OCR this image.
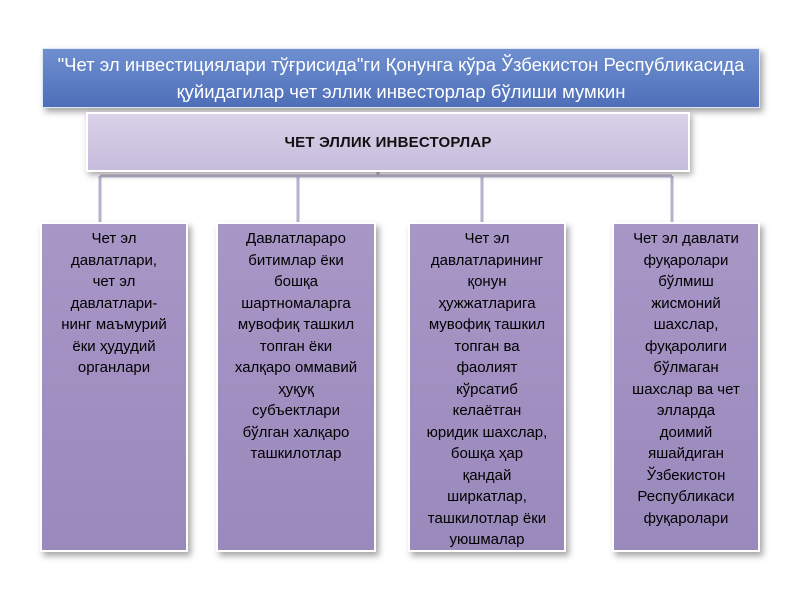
"Чет эл инвестициялари тўғрисида"ги Қонунга кўра Ўзбекистон Республикасида қуйидагилар чет эллик инвесторлар бўлиши мумкин
ЧЕТ ЭЛЛИК ИНВЕСТОРЛАР
Чет эл
давлатлари,
чет эл
давлатлари-
нинг маъмурий
ёки ҳудудий
органлари
Давлатлараро
битимлар ёки
бошқа
шартномаларга
мувофиқ ташкил
топган ёки
халқаро оммавий
ҳуқуқ
субъектлари
бўлган халқаро
ташкилотлар
Чет эл
давлатларининг
қонун
ҳужжатларига
мувофиқ ташкил
топган ва
фаолият
кўрсатиб
келаётган
юридик шахслар,
бошқа ҳар
қандай
ширкатлар,
ташкилотлар ёки
уюшмалар
Чет эл давлати
фуқаролари
бўлмиш
жисмоний
шахслар,
фуқаролиги
бўлмаган
шахслар ва чет
элларда
доимий
яшайдиган
Ўзбекистон
Республикаси
фуқаролари
